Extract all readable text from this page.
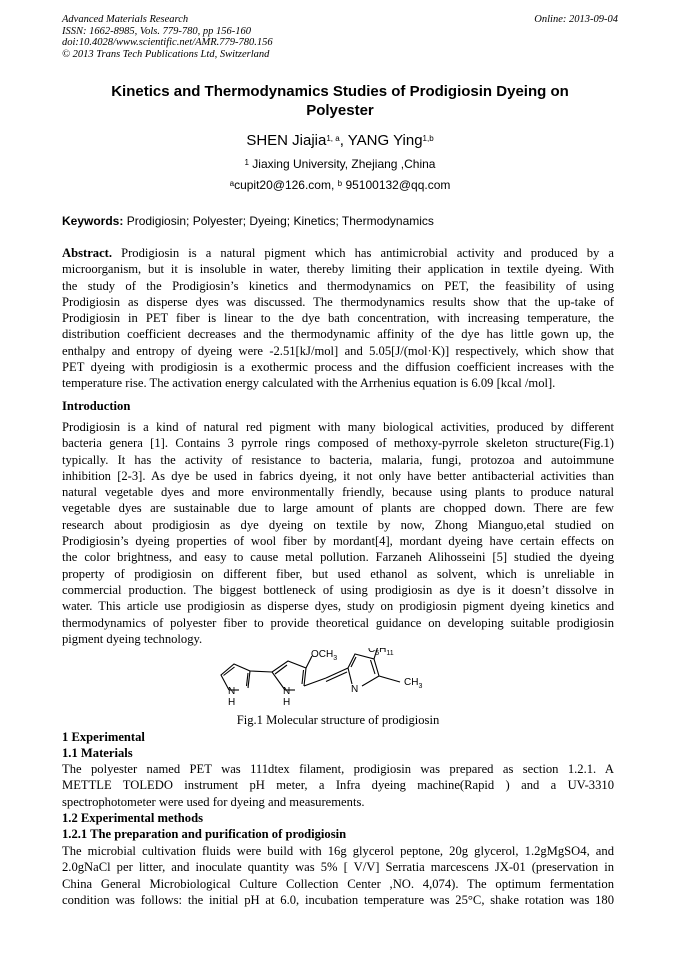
Advanced Materials Research
ISSN: 1662-8985, Vols. 779-780, pp 156-160
doi:10.4028/www.scientific.net/AMR.779-780.156
© 2013 Trans Tech Publications Ltd, Switzerland
Online: 2013-09-04
Kinetics and Thermodynamics Studies of Prodigiosin Dyeing on
Polyester
SHEN Jiajia$^{1, a}$, YANG Ying$^{1,b}$
$^1$ Jiaxing University, Zhejiang ,China
$^a$cupit20@126.com, $^b$ 95100132@qq.com
Keywords: Prodigiosin; Polyester; Dyeing; Kinetics; Thermodynamics
Abstract. Prodigiosin is a natural pigment which has antimicrobial activity and produced by a
microorganism, but it is insoluble in water, thereby limiting their application in textile dyeing. With
the study of the Prodigiosin’s kinetics and thermodynamics on PET, the feasibility of using
Prodigiosin as disperse dyes was discussed. The thermodynamics results show that the up-take of
Prodigiosin in PET fiber is linear to the dye bath concentration, with increasing temperature, the
distribution coefficient decreases and the thermodynamic affinity of the dye has little gown up, the
enthalpy and entropy of dyeing were -2.51[kJ/mol] and 5.05[J/(mol·K)] respectively, which show that
PET dyeing with prodigiosin is a exothermic process and the diffusion coefficient increases with the
temperature rise. The activation energy calculated with the Arrhenius equation is 6.09 [kcal /mol].
Introduction
Prodigiosin is a kind of natural red pigment with many biological activities, produced by different
bacteria genera [1]. Contains 3 pyrrole rings composed of methoxy-pyrrole skeleton structure(Fig.1)
typically. It has the activity of resistance to bacteria, malaria, fungi, protozoa and autoimmune
inhibition [2-3]. As dye be used in fabrics dyeing, it not only have better antibacterial activities than
natural vegetable dyes and more environmentally friendly, because using plants to produce natural
vegetable dyes are sustainable due to large amount of plants are chopped down. There are few
research about prodigiosin as dye dyeing on textile by now, Zhong Mianguo,etal studied on
Prodigiosin’s dyeing properties of wool fiber by mordant[4], mordant dyeing have certain effects on
the color brightness, and easy to cause metal pollution. Farzaneh Alihosseini [5] studied the dyeing
property of prodigiosin on different fiber, but used ethanol as solvent, which is unreliable in
commercial production. The biggest bottleneck of using prodigiosin as dye is it doesn’t dissolve in
water. This article use prodigiosin as disperse dyes, study on prodigiosin pigment dyeing kinetics and
thermodynamics of polyester fiber to provide theoretical guidance on developing suitable prodigiosin
pigment dyeing technology.
$OCH_3$
$C_5H_{11}$
$CH_3$
N
H
N
H
N
Fig.1 Molecular structure of prodigiosin
1 Experimental
1.1 Materials
The polyester named PET was 111dtex filament, prodigiosin was prepared as section 1.2.1. A
METTLE TOLEDO instrument pH meter, a Infra dyeing machine(Rapid ) and a UV-3310
spectrophotometer were used for dyeing and measurements.
1.2 Experimental methods
1.2.1 The preparation and purification of prodigiosin
The microbial cultivation fluids were build with 16g glycerol peptone, 20g glycerol, 1.2gMgSO4, and
2.0gNaCl per litter, and inoculate quantity was 5% [ V/V] Serratia marcescens JX-01 (preservation in
China General Microbiological Culture Collection Center ,NO. 4,074). The optimum fermentation
condition was follows: the initial pH at 6.0, incubation temperature was 25°C, shake rotation was 180
